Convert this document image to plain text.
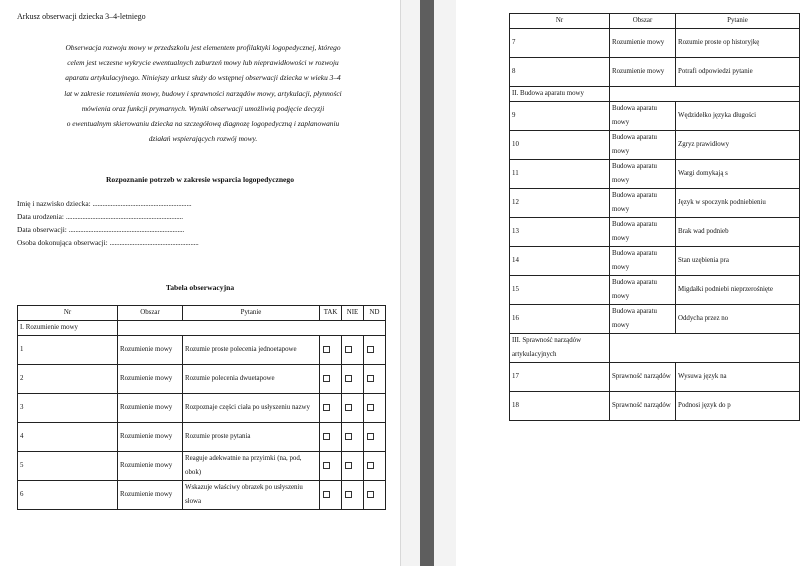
Arkusz obserwacji dziecka 3–4-letniego
Obserwacja rozwoju mowy w przedszkolu jest elementem profilaktyki logopedycznej, którego
celem jest wczesne wykrycie ewentualnych zaburzeń mowy lub nieprawidłowości w rozwoju
aparatu artykulacyjnego. Niniejszy arkusz służy do wstępnej obserwacji dziecka w wieku 3–4
lat w zakresie rozumienia mowy, budowy i sprawności narządów mowy, artykulacji, płynności
mówienia oraz funkcji prymarnych. Wyniki obserwacji umożliwią podjęcie decyzji
o ewentualnym skierowaniu dziecka na szczegółową diagnozę logopedyczną i zaplanowaniu
działań wspierających rozwój mowy.
Rozpoznanie potrzeb w zakresie wsparcia logopedycznego
Imię i nazwisko dziecka: ............................................................
Data urodzenia: .......................................................................
Data obserwacji: ......................................................................
Osoba dokonująca obserwacji: ......................................................
Tabela obserwacyjna
Nr	Obszar	Pytanie	TAK	NIE	ND
I. Rozumienie mowy					
1	Rozumienie mowy	Rozumie proste polecenia jednoetapowe			
2	Rozumienie mowy	Rozumie polecenia dwuetapowe			
3	Rozumienie mowy	Rozpoznaje części ciała po usłyszeniu nazwy			
4	Rozumienie mowy	Rozumie proste pytania			
5	Rozumienie mowy	Reaguje adekwatnie na przyimki (na, pod, obok)			
6	Rozumienie mowy	Wskazuje właściwy obrazek po usłyszeniu słowa			
Nr	Obszar	Pytanie
7	Rozumienie mowy	Rozumie proste op historyjkę
8	Rozumienie mowy	Potrafi odpowiedzi pytanie
II. Budowa aparatu mowy		
9	Budowa aparatu mowy	Wędzidełko języka długości
10	Budowa aparatu mowy	Zgryz prawidłowy
11	Budowa aparatu mowy	Wargi domykają s
12	Budowa aparatu mowy	Język w spoczynk podniebieniu
13	Budowa aparatu mowy	Brak wad podnieb
14	Budowa aparatu mowy	Stan uzębienia pra
15	Budowa aparatu mowy	Migdałki podniebi nieprzerośnięte
16	Budowa aparatu mowy	Oddycha przez no
III. Sprawność narządów artykulacyjnych		
17	Sprawność narządów	Wysuwa język na
18	Sprawność narządów	Podnosi język do p
